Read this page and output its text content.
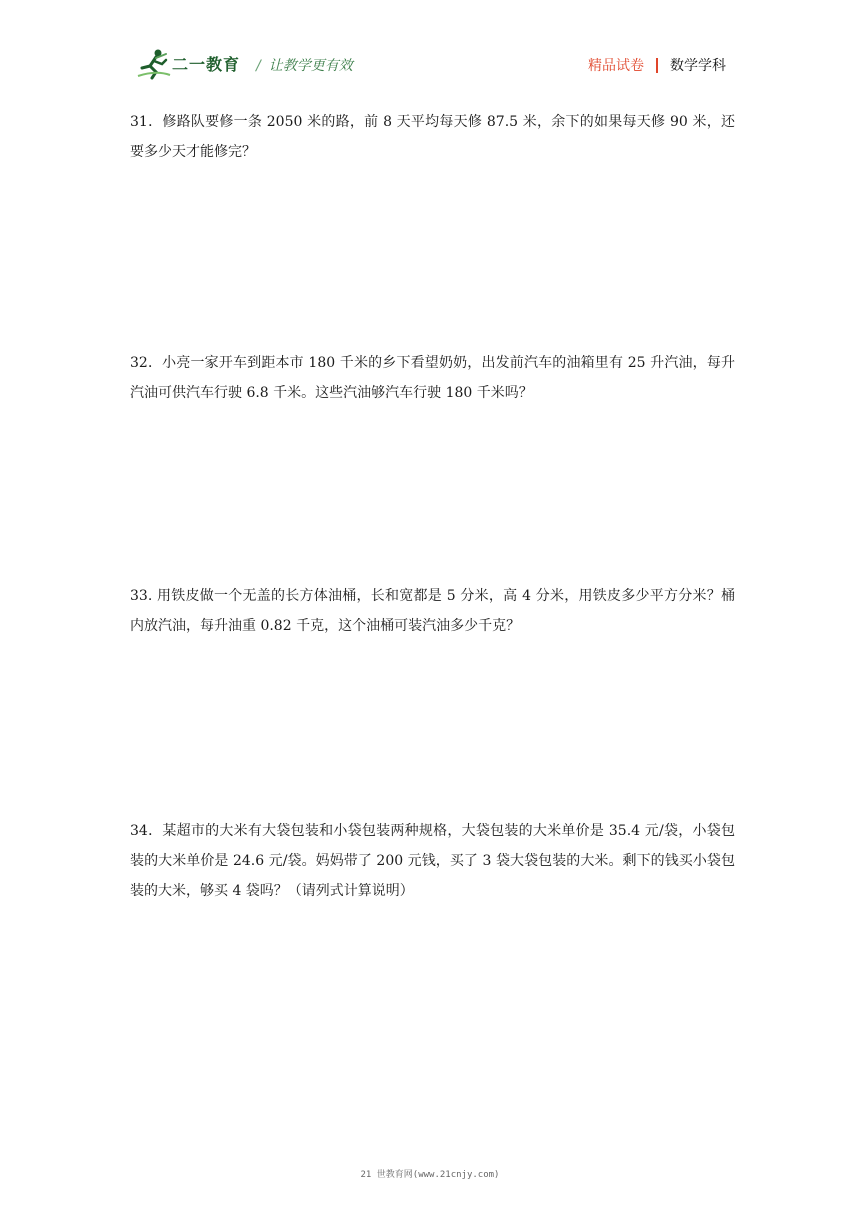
二一教育 / 让教学更有效	精品试卷 数学学科
31．修路队要修一条 2050 米的路，前 8 天平均每天修 87.5 米，余下的如果每天修 90 米，还要多少天才能修完？
32．小亮一家开车到距本市 180 千米的乡下看望奶奶，出发前汽车的油箱里有 25 升汽油，每升汽油可供汽车行驶 6.8 千米。这些汽油够汽车行驶 180 千米吗？
33. 用铁皮做一个无盖的长方体油桶，长和宽都是 5 分米，高 4 分米，用铁皮多少平方分米？桶内放汽油，每升油重 0.82 千克，这个油桶可装汽油多少千克？
34．某超市的大米有大袋包装和小袋包装两种规格，大袋包装的大米单价是 35.4 元/袋，小袋包装的大米单价是 24.6 元/袋。妈妈带了 200 元钱，买了 3 袋大袋包装的大米。剩下的钱买小袋包装的大米，够买 4 袋吗？（请列式计算说明）
21 世教育网(www.21cnjy.com)
